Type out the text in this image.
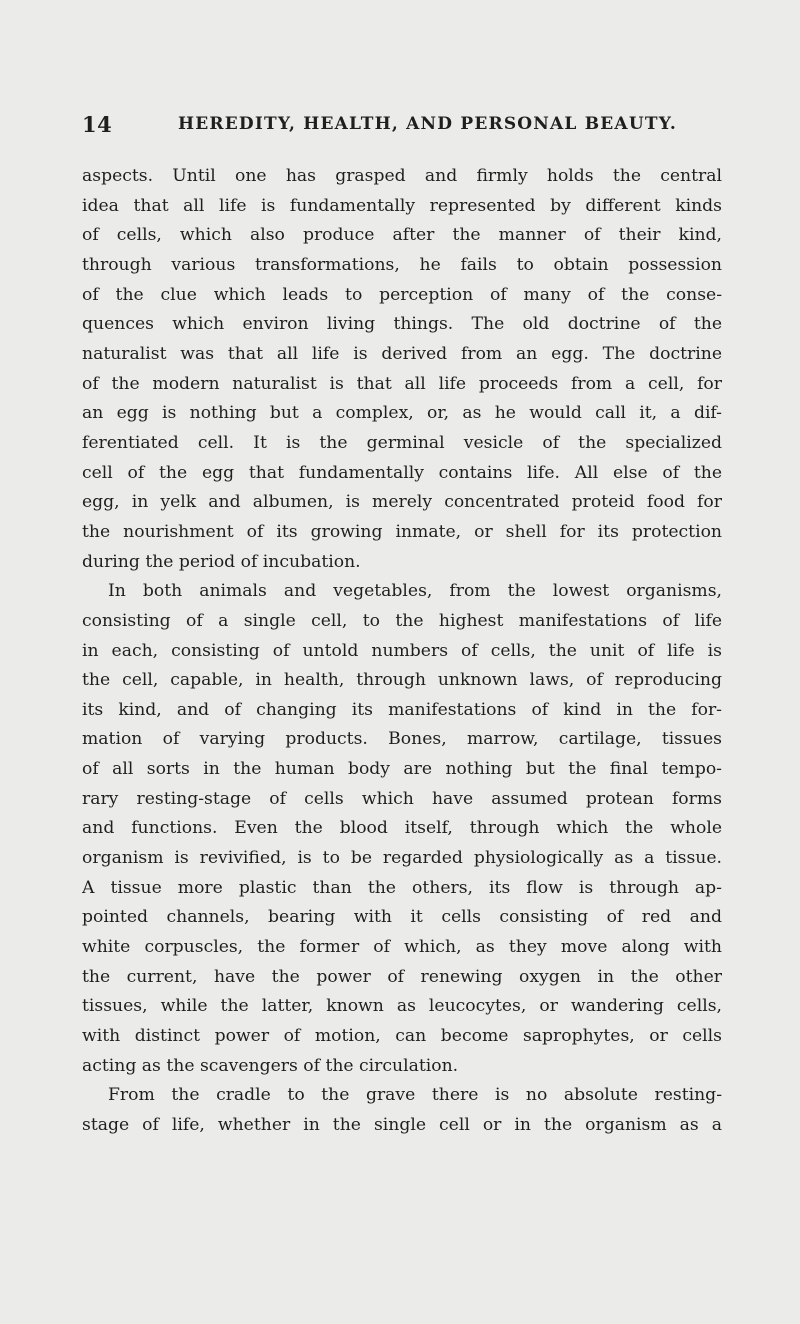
14	HEREDITY, HEALTH, AND PERSONAL BEAUTY.
aspects. Until one has grasped and firmly holds the central
idea that all life is fundamentally represented by different kinds
of cells, which also produce after the manner of their kind,
through various transformations, he fails to obtain possession
of the clue which leads to perception of many of the conse-
quences which environ living things. The old doctrine of the
naturalist was that all life is derived from an egg. The doctrine
of the modern naturalist is that all life proceeds from a cell, for
an egg is nothing but a complex, or, as he would call it, a dif-
ferentiated cell. It is the germinal vesicle of the specialized
cell of the egg that fundamentally contains life. All else of the
egg, in yelk and albumen, is merely concentrated proteid food for
the nourishment of its growing inmate, or shell for its protection
during the period of incubation.
In both animals and vegetables, from the lowest organisms,
consisting of a single cell, to the highest manifestations of life
in each, consisting of untold numbers of cells, the unit of life is
the cell, capable, in health, through unknown laws, of reproducing
its kind, and of changing its manifestations of kind in the for-
mation of varying products. Bones, marrow, cartilage, tissues
of all sorts in the human body are nothing but the final tempo-
rary resting-stage of cells which have assumed protean forms
and functions. Even the blood itself, through which the whole
organism is revivified, is to be regarded physiologically as a tissue.
A tissue more plastic than the others, its flow is through ap-
pointed channels, bearing with it cells consisting of red and
white corpuscles, the former of which, as they move along with
the current, have the power of renewing oxygen in the other
tissues, while the latter, known as leucocytes, or wandering cells,
with distinct power of motion, can become saprophytes, or cells
acting as the scavengers of the circulation.
From the cradle to the grave there is no absolute resting-
stage of life, whether in the single cell or in the organism as a
